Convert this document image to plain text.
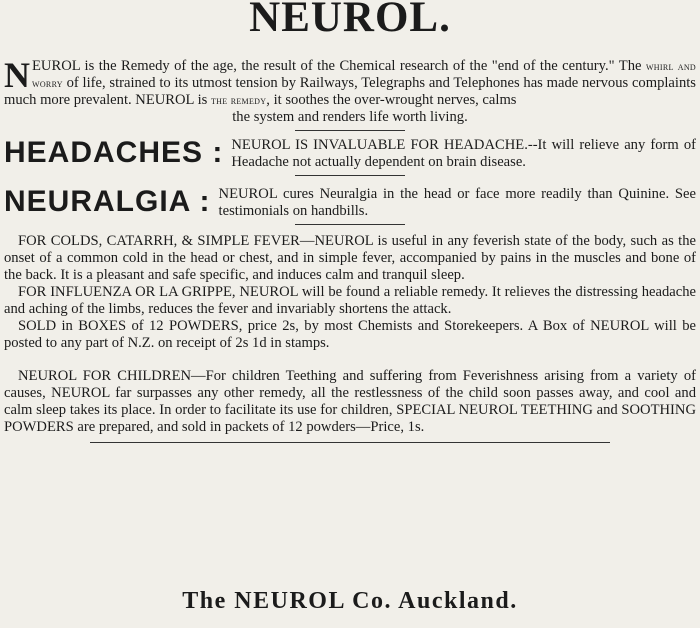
NEUROL.
N EUROL is the Remedy of the age, the result of the Chemical research of the "end of the century." The whirl and worry of life, strained to its utmost tension by Railways, Telegraphs and Telephones has made nervous complaints much more prevalent. NEUROL is the remedy, it soothes the over-wrought nerves, calms
the system and renders life worth living.
HEADACHES : NEUROL IS INVALUABLE FOR HEADACHE.--It will relieve any form of Headache not actually dependent on brain disease.
NEURALGIA : NEUROL cures Neuralgia in the head or face more readily than Quinine. See testimonials on handbills.
FOR COLDS, CATARRH, & SIMPLE FEVER—NEUROL is useful in any feverish state of the body, such as the onset of a common cold in the head or chest, and in simple fever, accompanied by pains in the muscles and bone of the back. It is a pleasant and safe specific, and induces calm and tranquil sleep.
FOR INFLUENZA OR LA GRIPPE, NEUROL will be found a reliable remedy. It relieves the distressing headache and aching of the limbs, reduces the fever and invariably shortens the attack.
SOLD in BOXES of 12 POWDERS, price 2s, by most Chemists and Storekeepers. A Box of NEUROL will be posted to any part of N.Z. on receipt of 2s 1d in stamps.
NEUROL FOR CHILDREN—For children Teething and suffering from Feverishness arising from a variety of causes, NEUROL far surpasses any other remedy, all the restlessness of the child soon passes away, and cool and calm sleep takes its place. In order to facilitate its use for children, SPECIAL NEUROL TEETHING and SOOTHING POWDERS are prepared, and sold in packets of 12 powders—Price, 1s.
The NEUROL Co. Auckland.
